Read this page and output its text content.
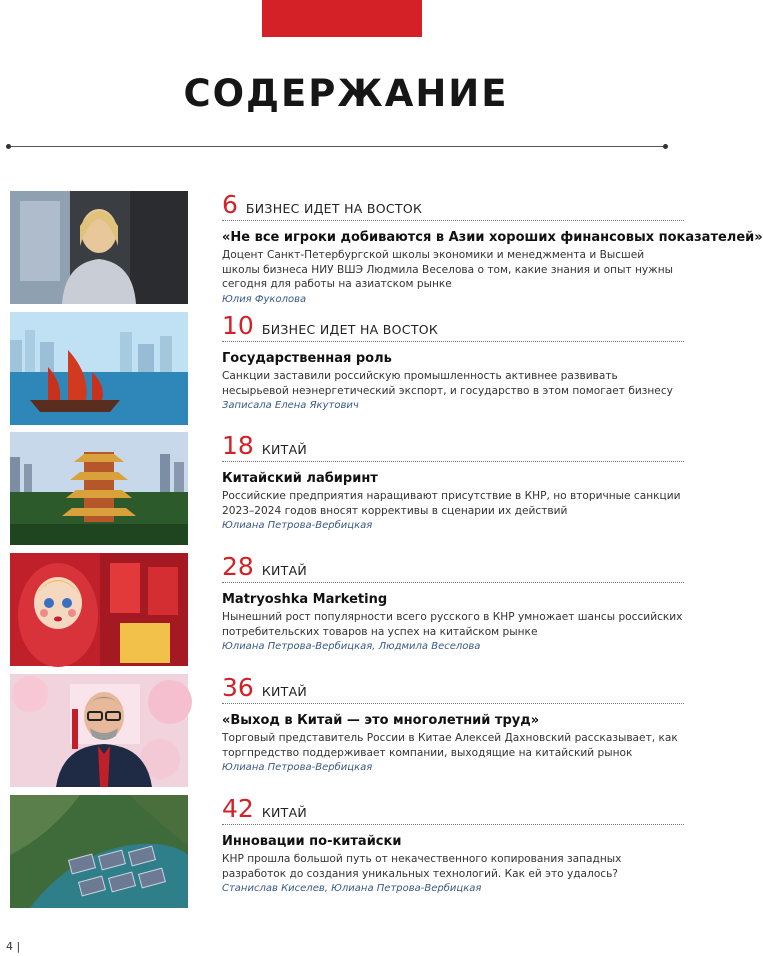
СОДЕРЖАНИЕ
6 БИЗНЕС ИДЕТ НА ВОСТОК
«Не все игроки добиваются в Азии хороших финансовых показателей»
Доцент Санкт-Петербургской школы экономики и менеджмента и Высшей школы бизнеса НИУ ВШЭ Людмила Веселова о том, какие знания и опыт нужны сегодня для работы на азиатском рынке
Юлия Фуколова
10 БИЗНЕС ИДЕТ НА ВОСТОК
Государственная роль
Санкции заставили российскую промышленность активнее развивать несырьевой неэнергетический экспорт, и государство в этом помогает бизнесу
Записала Елена Якутович
18 КИТАЙ
Китайский лабиринт
Российские предприятия наращивают присутствие в КНР, но вторичные санкции 2023–2024 годов вносят коррективы в сценарии их действий
Юлиана Петрова-Вербицкая
28 КИТАЙ
Matryoshka Marketing
Нынешний рост популярности всего русского в КНР умножает шансы российских потребительских товаров на успех на китайском рынке
Юлиана Петрова-Вербицкая, Людмила Веселова
36 КИТАЙ
«Выход в Китай — это многолетний труд»
Торговый представитель России в Китае Алексей Дахновский рассказывает, как торгпредство поддерживает компании, выходящие на китайский рынок
Юлиана Петрова-Вербицкая
42 КИТАЙ
Инновации по-китайски
КНР прошла большой путь от некачественного копирования западных разработок до создания уникальных технологий. Как ей это удалось?
Станислав Киселев, Юлиана Петрова-Вербицкая
4 |
